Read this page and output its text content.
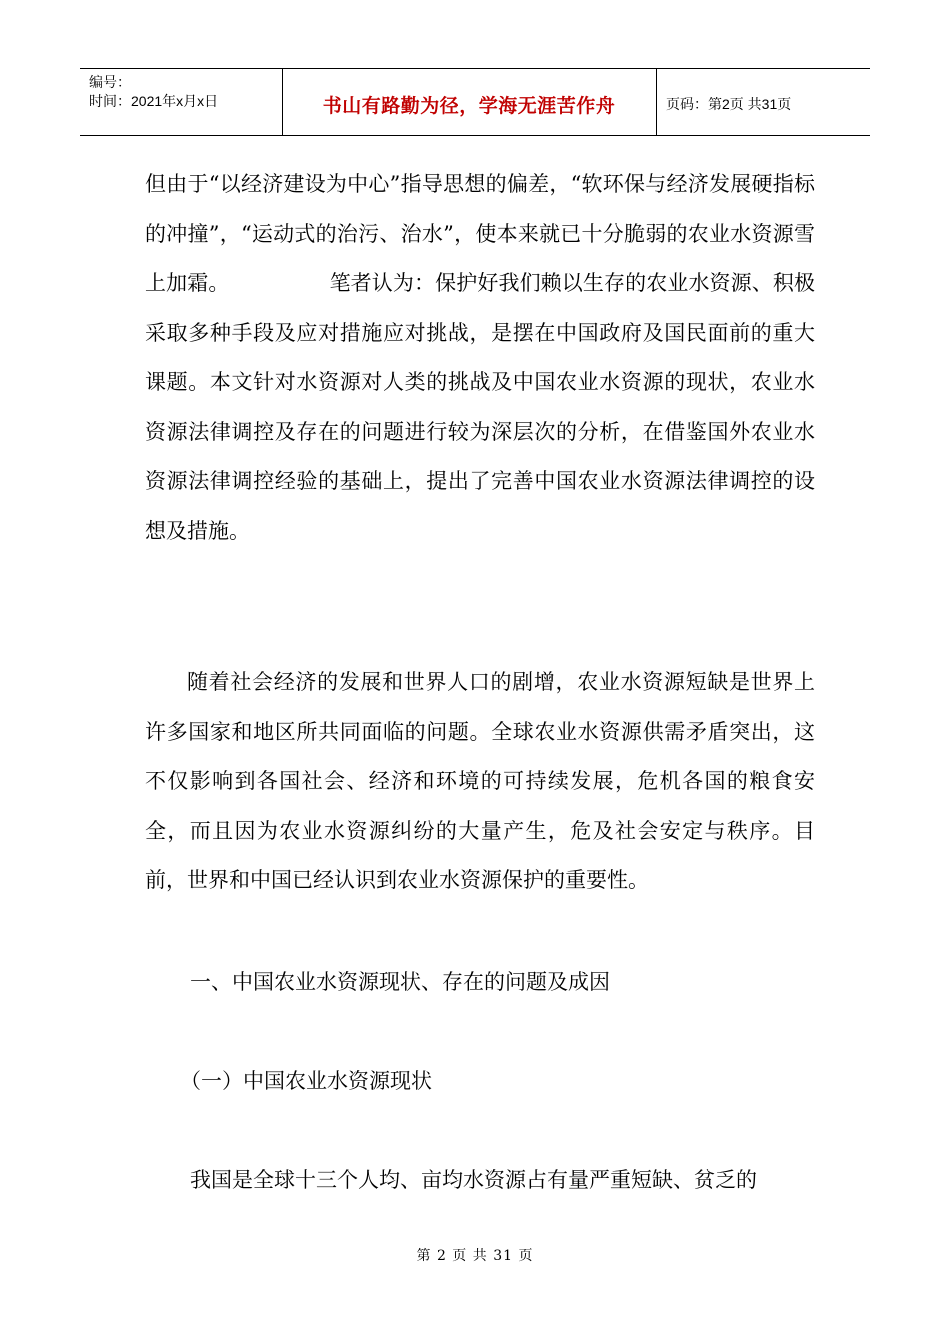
编号：
时间：2021年x月x日	书山有路勤为径，学海无涯苦作舟	页码：第2页 共31页

但由于“以经济建设为中心”指导思想的偏差，“软环保与经济发展硬指标的冲撞”，“运动式的治污、治水”，使本来就已十分脆弱的农业水资源雪上加霜。	笔者认为：保护好我们赖以生存的农业水资源、积极采取多种手段及应对措施应对挑战，是摆在中国政府及国民面前的重大课题。本文针对水资源对人类的挑战及中国农业水资源的现状，农业水资源法律调控及存在的问题进行较为深层次的分析，在借鉴国外农业水资源法律调控经验的基础上，提出了完善中国农业水资源法律调控的设想及措施。

随着社会经济的发展和世界人口的剧增，农业水资源短缺是世界上许多国家和地区所共同面临的问题。全球农业水资源供需矛盾突出，这不仅影响到各国社会、经济和环境的可持续发展，危机各国的粮食安全，而且因为农业水资源纠纷的大量产生，危及社会安定与秩序。目前，世界和中国已经认识到农业水资源保护的重要性。

一、中国农业水资源现状、存在的问题及成因

（一）中国农业水资源现状

我国是全球十三个人均、亩均水资源占有量严重短缺、贫乏的

第 2 页 共 31 页
